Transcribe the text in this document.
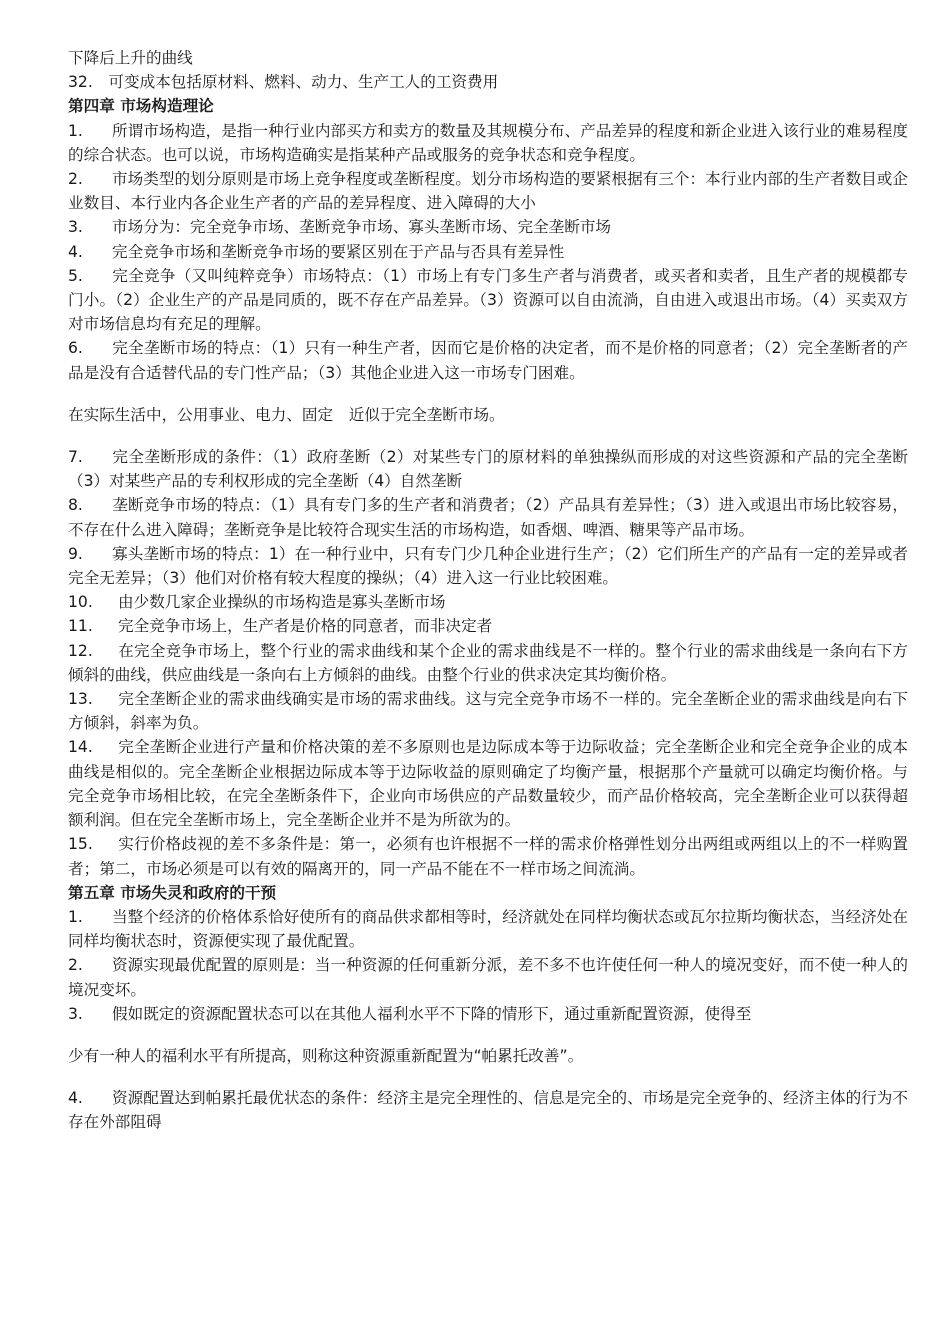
下降后上升的曲线

32.　可变成本包括原材料、燃料、动力、生产工人的工资费用

第四章 市场构造理论

1. 所谓市场构造，是指一种行业内部买方和卖方的数量及其规模分布、产品差异的程度和新企业进入该行业的难易程度的综合状态。也可以说，市场构造确实是指某种产品或服务的竞争状态和竞争程度。

2. 市场类型的划分原则是市场上竞争程度或垄断程度。划分市场构造的要紧根据有三个：本行业内部的生产者数目或企业数目、本行业内各企业生产者的产品的差异程度、进入障碍的大小

3. 市场分为：完全竞争市场、垄断竞争市场、寡头垄断市场、完全垄断市场

4. 完全竞争市场和垄断竞争市场的要紧区别在于产品与否具有差异性

5. 完全竞争（又叫纯粹竞争）市场特点：（1）市场上有专门多生产者与消费者，或买者和卖者，且生产者的规模都专门小。（2）企业生产的产品是同质的，既不存在产品差异。（3）资源可以自由流淌，自由进入或退出市场。（4）买卖双方对市场信息均有充足的理解。

6. 完全垄断市场的特点：（1）只有一种生产者，因而它是价格的决定者，而不是价格的同意者；（2）完全垄断者的产品是没有合适替代品的专门性产品；（3）其他企业进入这一市场专门困难。

在实际生活中，公用事业、电力、固定　近似于完全垄断市场。

7. 完全垄断形成的条件：（1）政府垄断（2）对某些专门的原材料的单独操纵而形成的对这些资源和产品的完全垄断（3）对某些产品的专利权形成的完全垄断（4）自然垄断

8. 垄断竞争市场的特点：（1）具有专门多的生产者和消费者；（2）产品具有差异性；（3）进入或退出市场比较容易，不存在什么进入障碍；垄断竞争是比较符合现实生活的市场构造，如香烟、啤酒、糖果等产品市场。

9. 寡头垄断市场的特点：1）在一种行业中，只有专门少几种企业进行生产；（2）它们所生产的产品有一定的差异或者完全无差异；（3）他们对价格有较大程度的操纵；（4）进入这一行业比较困难。

10. 由少数几家企业操纵的市场构造是寡头垄断市场

11. 完全竞争市场上，生产者是价格的同意者，而非决定者

12. 在完全竞争市场上，整个行业的需求曲线和某个企业的需求曲线是不一样的。整个行业的需求曲线是一条向右下方倾斜的曲线，供应曲线是一条向右上方倾斜的曲线。由整个行业的供求决定其均衡价格。

13. 完全垄断企业的需求曲线确实是市场的需求曲线。这与完全竞争市场不一样的。完全垄断企业的需求曲线是向右下方倾斜，斜率为负。

14. 完全垄断企业进行产量和价格决策的差不多原则也是边际成本等于边际收益；完全垄断企业和完全竞争企业的成本曲线是相似的。完全垄断企业根据边际成本等于边际收益的原则确定了均衡产量，根据那个产量就可以确定均衡价格。与完全竞争市场相比较，在完全垄断条件下，企业向市场供应的产品数量较少，而产品价格较高，完全垄断企业可以获得超额利润。但在完全垄断市场上，完全垄断企业并不是为所欲为的。

15. 实行价格歧视的差不多条件是：第一，必须有也许根据不一样的需求价格弹性划分出两组或两组以上的不一样购置者；第二，市场必须是可以有效的隔离开的，同一产品不能在不一样市场之间流淌。

第五章 市场失灵和政府的干预

1. 当整个经济的价格体系恰好使所有的商品供求都相等时，经济就处在同样均衡状态或瓦尔拉斯均衡状态，当经济处在同样均衡状态时，资源便实现了最优配置。

2. 资源实现最优配置的原则是：当一种资源的任何重新分派，差不多不也许使任何一种人的境况变好，而不使一种人的境况变坏。

3. 假如既定的资源配置状态可以在其他人福利水平不下降的情形下，通过重新配置资源，使得至

少有一种人的福利水平有所提高，则称这种资源重新配置为“帕累托改善”。

4. 资源配置达到帕累托最优状态的条件：经济主是完全理性的、信息是完全的、市场是完全竞争的、经济主体的行为不存在外部阻碍
